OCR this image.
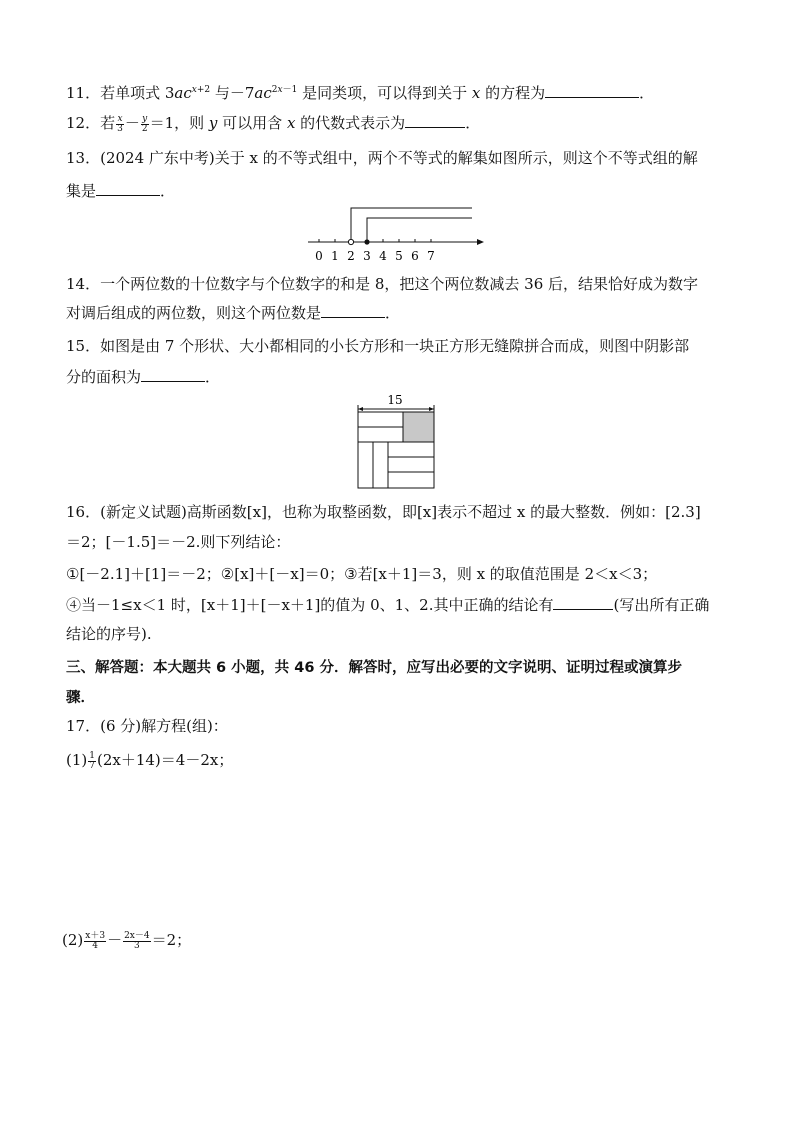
11．若单项式 $3ac^{x+2}$ 与$-7ac^{2x-1}$ 是同类项，可以得到关于 x 的方程为	．
12．若 $\frac{x}{3} - \frac{y}{2} =1$，则 y 可以用含 x 的代数式表示为	．
13．(2024 广东中考)关于 x 的不等式组中，两个不等式的解集如图所示，则这个不等式组的解
集是	．
0 1 2 3 4 5 6 7
14．一个两位数的十位数字与个位数字的和是 8，把这个两位数减去 36 后，结果恰好成为数字
对调后组成的两位数，则这个两位数是	．
15．如图是由 7 个形状、大小都相同的小长方形和一块正方形无缝隙拼合而成，则图中阴影部
分的面积为	．
15
16．(新定义试题)高斯函数[x]，也称为取整函数，即[x]表示不超过 x 的最大整数．例如：[2.3]
＝2；[－1.5]＝－2.则下列结论：
①[－2.1]＋[1]＝－2；②[x]＋[－x]＝0；③若[x＋1]＝3，则 x 的取值范围是 2＜x＜3；
④当－1≤x＜1 时，[x＋1]＋[－x＋1]的值为 0、1、2.其中正确的结论有	(写出所有正确
结论的序号).
三、解答题：本大题共 6 小题，共 46 分．解答时，应写出必要的文字说明、证明过程或演算步
骤．
17．(6 分)解方程(组)：
$(1) \frac{1}{7} (2x+14)=4-2x$；
$(2) \frac{x+3}{4} - \frac{2x-4}{3} =2$；
